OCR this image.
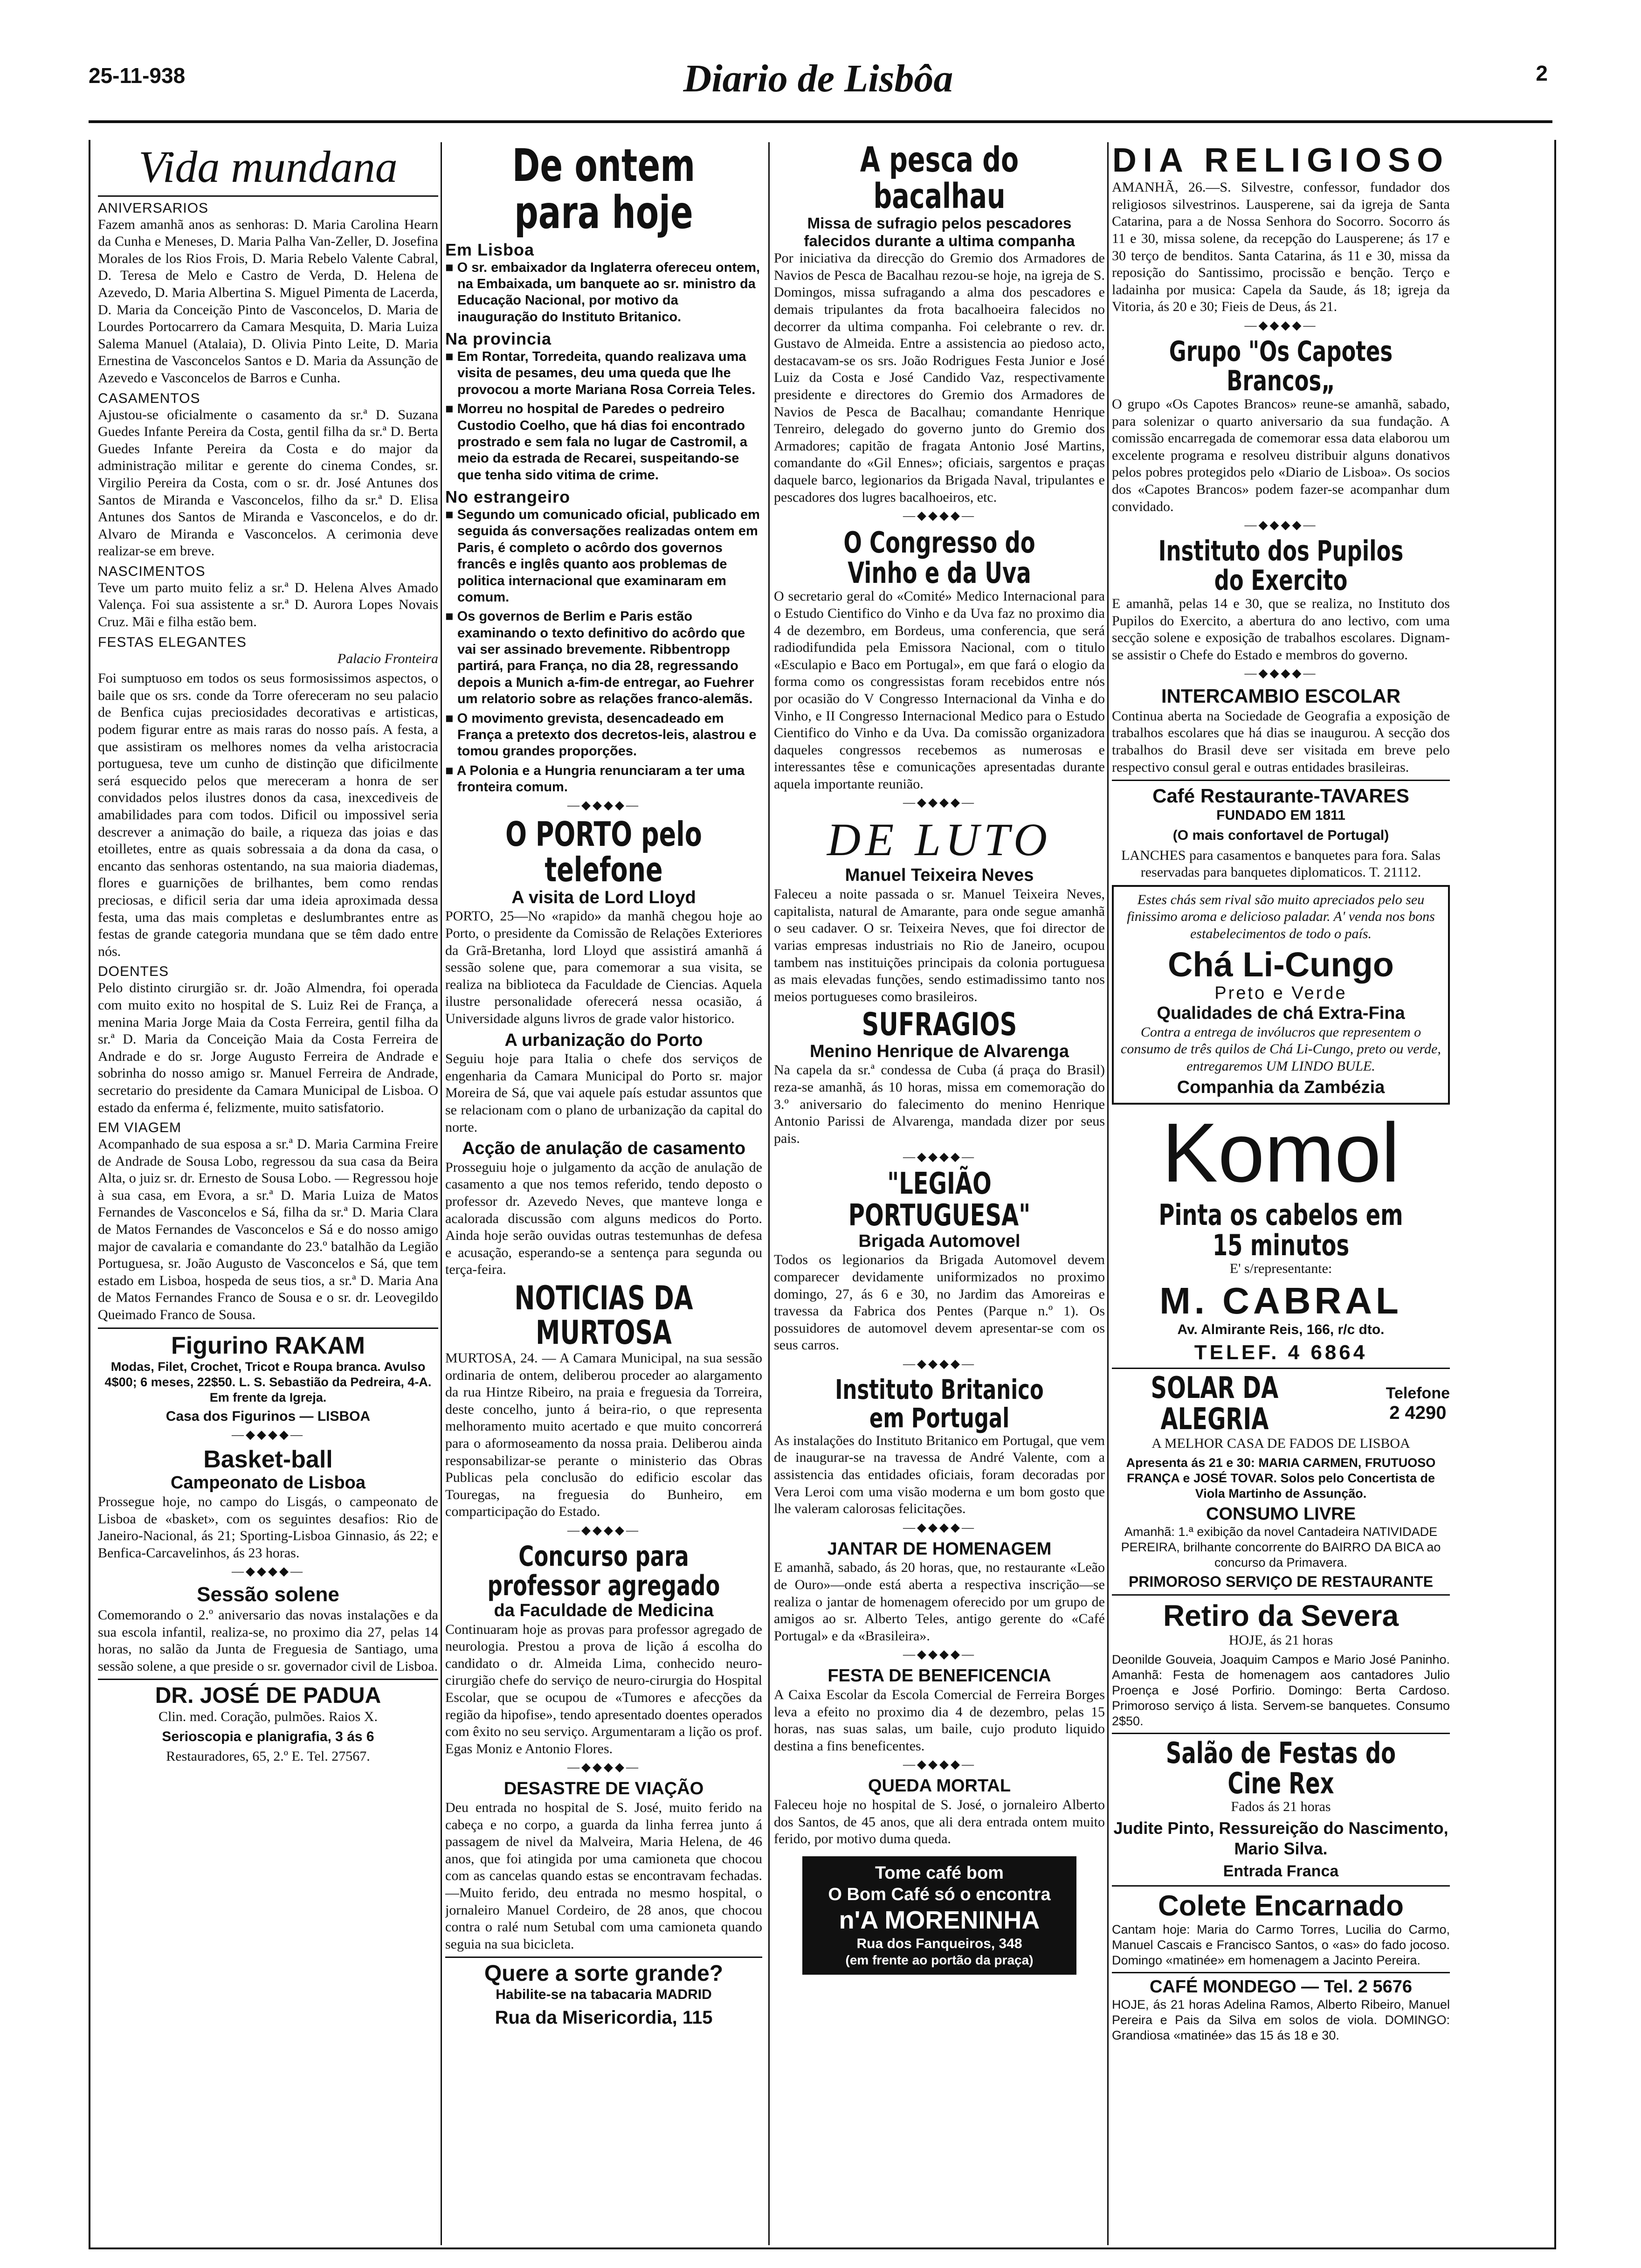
25-11-938	Diario de Lisbôa	2
Vida mundana
ANIVERSARIOS

Fazem amanhã anos as senhoras: D. Maria Carolina Hearn da Cunha e Meneses, D. Maria Palha Van-Zeller, D. Josefina Morales de los Rios Frois, D. Maria Rebelo Valente Cabral, D. Teresa de Melo e Castro de Verda, D. Helena de Azevedo, D. Maria Albertina S. Miguel Pimenta de Lacerda, D. Maria da Conceição Pinto de Vasconcelos, D. Maria de Lourdes Portocarrero da Camara Mesquita, D. Maria Luiza Salema Manuel (Atalaia), D. Olivia Pinto Leite, D. Maria Ernestina de Vasconcelos Santos e D. Maria da Assunção de Azevedo e Vasconcelos de Barros e Cunha.

CASAMENTOS

Ajustou-se oficialmente o casamento da sr.ª D. Suzana Guedes Infante Pereira da Costa, gentil filha da sr.ª D. Berta Guedes Infante Pereira da Costa e do major da administração militar e gerente do cinema Condes, sr. Virgilio Pereira da Costa, com o sr. dr. José Antunes dos Santos de Miranda e Vasconcelos, filho da sr.ª D. Elisa Antunes dos Santos de Miranda e Vasconcelos, e do dr. Alvaro de Miranda e Vasconcelos. A cerimonia deve realizar-se em breve.

NASCIMENTOS

Teve um parto muito feliz a sr.ª D. Helena Alves Amado Valença. Foi sua assistente a sr.ª D. Aurora Lopes Novais Cruz. Mãi e filha estão bem.

FESTAS ELEGANTES

Palacio Fronteira

Foi sumptuoso em todos os seus formosissimos aspectos, o baile que os srs. conde da Torre ofereceram no seu palacio de Benfica cujas preciosidades decorativas e artisticas, podem figurar entre as mais raras do nosso país. A festa, a que assistiram os melhores nomes da velha aristocracia portuguesa, teve um cunho de distinção que dificilmente será esquecido pelos que mereceram a honra de ser convidados pelos ilustres donos da casa, inexcediveis de amabilidades para com todos. Dificil ou impossivel seria descrever a animação do baile, a riqueza das joias e das etoilletes, entre as quais sobressaia a da dona da casa, o encanto das senhoras ostentando, na sua maioria diademas, flores e guarnições de brilhantes, bem como rendas preciosas, e dificil seria dar uma ideia aproximada dessa festa, uma das mais completas e deslumbrantes entre as festas de grande categoria mundana que se têm dado entre nós.

DOENTES

Pelo distinto cirurgião sr. dr. João Almendra, foi operada com muito exito no hospital de S. Luiz Rei de França, a menina Maria Jorge Maia da Costa Ferreira, gentil filha da sr.ª D. Maria da Conceição Maia da Costa Ferreira de Andrade e do sr. Jorge Augusto Ferreira de Andrade e sobrinha do nosso amigo sr. Manuel Ferreira de Andrade, secretario do presidente da Camara Municipal de Lisboa. O estado da enferma é, felizmente, muito satisfatorio.

EM VIAGEM

Acompanhado de sua esposa a sr.ª D. Maria Carmina Freire de Andrade de Sousa Lobo, regressou da sua casa da Beira Alta, o juiz sr. dr. Ernesto de Sousa Lobo. — Regressou hoje à sua casa, em Evora, a sr.ª D. Maria Luiza de Matos Fernandes de Vasconcelos e Sá, filha da sr.ª D. Maria Clara de Matos Fernandes de Vasconcelos e Sá e do nosso amigo major de cavalaria e comandante do 23.º batalhão da Legião Portuguesa, sr. João Augusto de Vasconcelos e Sá, que tem estado em Lisboa, hospeda de seus tios, a sr.ª D. Maria Ana de Matos Fernandes Franco de Sousa e o sr. dr. Leovegildo Queimado Franco de Sousa.

Figurino RAKAM

Modas, Filet, Crochet, Tricot e Roupa branca. Avulso 4$00; 6 meses, 22$50. L. S. Sebastião da Pedreira, 4-A. Em frente da Igreja.

Casa dos Figurinos — LISBOA

—◆◆◆◆—
Basket-ball
Campeonato de Lisboa

Prossegue hoje, no campo do Lisgás, o campeonato de Lisboa de «basket», com os seguintes desafios: Rio de Janeiro-Nacional, ás 21; Sporting-Lisboa Ginnasio, ás 22; e Benfica-Carcavelinhos, ás 23 horas.

—◆◆◆◆—
Sessão solene

Comemorando o 2.º aniversario das novas instalações e da sua escola infantil, realiza-se, no proximo dia 27, pelas 14 horas, no salão da Junta de Freguesia de Santiago, uma sessão solene, a que preside o sr. governador civil de Lisboa.

DR. JOSÉ DE PADUA

Clin. med. Coração, pulmões. Raios X.

Serioscopia e planigrafia, 3 ás 6

Restauradores, 65, 2.º E. Tel. 27567.

De ontem para hoje
Em Lisboa
■ O sr. embaixador da Inglaterra ofereceu ontem, na Embaixada, um banquete ao sr. ministro da Educação Nacional, por motivo da inauguração do Instituto Britanico.
Na provincia
■ Em Rontar, Torredeita, quando realizava uma visita de pesames, deu uma queda que lhe provocou a morte Mariana Rosa Correia Teles.
■ Morreu no hospital de Paredes o pedreiro Custodio Coelho, que há dias foi encontrado prostrado e sem fala no lugar de Castromil, a meio da estrada de Recarei, suspeitando-se que tenha sido vitima de crime.
No estrangeiro
■ Segundo um comunicado oficial, publicado em seguida ás conversações realizadas ontem em Paris, é completo o acôrdo dos governos francês e inglês quanto aos problemas de politica internacional que examinaram em comum.
■ Os governos de Berlim e Paris estão examinando o texto definitivo do acôrdo que vai ser assinado brevemente. Ribbentropp partirá, para França, no dia 28, regressando depois a Munich a-fim-de entregar, ao Fuehrer um relatorio sobre as relações franco-alemãs.
■ O movimento grevista, desencadeado em França a pretexto dos decretos-leis, alastrou e tomou grandes proporções.
■ A Polonia e a Hungria renunciaram a ter uma fronteira comum.
—◆◆◆◆—
O PORTO pelo telefone
A visita de Lord Lloyd

PORTO, 25—No «rapido» da manhã chegou hoje ao Porto, o presidente da Comissão de Relações Exteriores da Grã-Bretanha, lord Lloyd que assistirá amanhã á sessão solene que, para comemorar a sua visita, se realiza na biblioteca da Faculdade de Ciencias. Aquela ilustre personalidade oferecerá nessa ocasião, á Universidade alguns livros de grade valor historico.

A urbanização do Porto

Seguiu hoje para Italia o chefe dos serviços de engenharia da Camara Municipal do Porto sr. major Moreira de Sá, que vai aquele país estudar assuntos que se relacionam com o plano de urbanização da capital do norte.

Acção de anulação de casamento

Prosseguiu hoje o julgamento da acção de anulação de casamento a que nos temos referido, tendo deposto o professor dr. Azevedo Neves, que manteve longa e acalorada discussão com alguns medicos do Porto. Ainda hoje serão ouvidas outras testemunhas de defesa e acusação, esperando-se a sentença para segunda ou terça-feira.

NOTICIAS DA MURTOSA

MURTOSA, 24. — A Camara Municipal, na sua sessão ordinaria de ontem, deliberou proceder ao alargamento da rua Hintze Ribeiro, na praia e freguesia da Torreira, deste concelho, junto á beira-rio, o que representa melhoramento muito acertado e que muito concorrerá para o aformoseamento da nossa praia. Deliberou ainda responsabilizar-se perante o ministerio das Obras Publicas pela conclusão do edificio escolar das Touregas, na freguesia do Bunheiro, em comparticipação do Estado.

—◆◆◆◆—
Concurso para professor agregado
da Faculdade de Medicina

Continuaram hoje as provas para professor agregado de neurologia. Prestou a prova de lição á escolha do candidato o dr. Almeida Lima, conhecido neuro-cirurgião chefe do serviço de neuro-cirurgia do Hospital Escolar, que se ocupou de «Tumores e afecções da região da hipofise», tendo apresentado doentes operados com êxito no seu serviço. Argumentaram a lição os prof. Egas Moniz e Antonio Flores.

—◆◆◆◆—
DESASTRE DE VIAÇÃO

Deu entrada no hospital de S. José, muito ferido na cabeça e no corpo, a guarda da linha ferrea junto á passagem de nivel da Malveira, Maria Helena, de 46 anos, que foi atingida por uma camioneta que chocou com as cancelas quando estas se encontravam fechadas. —Muito ferido, deu entrada no mesmo hospital, o jornaleiro Manuel Cordeiro, de 28 anos, que chocou contra o ralé num Setubal com uma camioneta quando seguia na sua bicicleta.

Quere a sorte grande?

Habilite-se na tabacaria MADRID

Rua da Misericordia, 115

A pesca do bacalhau
Missa de sufragio pelos pescadores falecidos durante a ultima companha

Por iniciativa da direcção do Gremio dos Armadores de Navios de Pesca de Bacalhau rezou-se hoje, na igreja de S. Domingos, missa sufragando a alma dos pescadores e demais tripulantes da frota bacalhoeira falecidos no decorrer da ultima companha. Foi celebrante o rev. dr. Gustavo de Almeida. Entre a assistencia ao piedoso acto, destacavam-se os srs. João Rodrigues Festa Junior e José Luiz da Costa e José Candido Vaz, respectivamente presidente e directores do Gremio dos Armadores de Navios de Pesca de Bacalhau; comandante Henrique Tenreiro, delegado do governo junto do Gremio dos Armadores; capitão de fragata Antonio José Martins, comandante do «Gil Ennes»; oficiais, sargentos e praças daquele barco, legionarios da Brigada Naval, tripulantes e pescadores dos lugres bacalhoeiros, etc.

—◆◆◆◆—
O Congresso do Vinho e da Uva

O secretario geral do «Comité» Medico Internacional para o Estudo Cientifico do Vinho e da Uva faz no proximo dia 4 de dezembro, em Bordeus, uma conferencia, que será radiodifundida pela Emissora Nacional, com o titulo «Esculapio e Baco em Portugal», em que fará o elogio da forma como os congressistas foram recebidos entre nós por ocasião do V Congresso Internacional da Vinha e do Vinho, e II Congresso Internacional Medico para o Estudo Cientifico do Vinho e da Uva. Da comissão organizadora daqueles congressos recebemos as numerosas e interessantes têse e comunicações apresentadas durante aquela importante reunião.

—◆◆◆◆—
DE LUTO
Manuel Teixeira Neves

Faleceu a noite passada o sr. Manuel Teixeira Neves, capitalista, natural de Amarante, para onde segue amanhã o seu cadaver. O sr. Teixeira Neves, que foi director de varias empresas industriais no Rio de Janeiro, ocupou tambem nas instituições principais da colonia portuguesa as mais elevadas funções, sendo estimadissimo tanto nos meios portugueses como brasileiros.

SUFRAGIOS
Menino Henrique de Alvarenga

Na capela da sr.ª condessa de Cuba (á praça do Brasil) reza-se amanhã, ás 10 horas, missa em comemoração do 3.º aniversario do falecimento do menino Henrique Antonio Parissi de Alvarenga, mandada dizer por seus pais.

—◆◆◆◆—
"LEGIÃO PORTUGUESA"
Brigada Automovel

Todos os legionarios da Brigada Automovel devem comparecer devidamente uniformizados no proximo domingo, 27, ás 6 e 30, no Jardim das Amoreiras e travessa da Fabrica dos Pentes (Parque n.º 1). Os possuidores de automovel devem apresentar-se com os seus carros.

—◆◆◆◆—
Instituto Britanico em Portugal

As instalações do Instituto Britanico em Portugal, que vem de inaugurar-se na travessa de André Valente, com a assistencia das entidades oficiais, foram decoradas por Vera Leroi com uma visão moderna e um bom gosto que lhe valeram calorosas felicitações.

—◆◆◆◆—
JANTAR DE HOMENAGEM

E amanhã, sabado, ás 20 horas, que, no restaurante «Leão de Ouro»—onde está aberta a respectiva inscrição—se realiza o jantar de homenagem oferecido por um grupo de amigos ao sr. Alberto Teles, antigo gerente do «Café Portugal» e da «Brasileira».

—◆◆◆◆—
FESTA DE BENEFICENCIA

A Caixa Escolar da Escola Comercial de Ferreira Borges leva a efeito no proximo dia 4 de dezembro, pelas 15 horas, nas suas salas, um baile, cujo produto liquido destina a fins beneficentes.

—◆◆◆◆—
QUEDA MORTAL

Faleceu hoje no hospital de S. José, o jornaleiro Alberto dos Santos, de 45 anos, que ali dera entrada ontem muito ferido, por motivo duma queda.

Tome café bom
O Bom Café só o encontra
n'A MORENINHA
Rua dos Fanqueiros, 348
(em frente ao portão da praça)
DIA RELIGIOSO

AMANHÃ, 26.—S. Silvestre, confessor, fundador dos religiosos silvestrinos. Lausperene, sai da igreja de Santa Catarina, para a de Nossa Senhora do Socorro. Socorro ás 11 e 30, missa solene, da recepção do Lausperene; ás 17 e 30 terço de benditos. Santa Catarina, ás 11 e 30, missa da reposição do Santissimo, procissão e benção. Terço e ladainha por musica: Capela da Saude, ás 18; igreja da Vitoria, ás 20 e 30; Fieis de Deus, ás 21.

—◆◆◆◆—
Grupo "Os Capotes Brancos„

O grupo «Os Capotes Brancos» reune-se amanhã, sabado, para solenizar o quarto aniversario da sua fundação. A comissão encarregada de comemorar essa data elaborou um excelente programa e resolveu distribuir alguns donativos pelos pobres protegidos pelo «Diario de Lisboa». Os socios dos «Capotes Brancos» podem fazer-se acompanhar dum convidado.

—◆◆◆◆—
Instituto dos Pupilos do Exercito

E amanhã, pelas 14 e 30, que se realiza, no Instituto dos Pupilos do Exercito, a abertura do ano lectivo, com uma secção solene e exposição de trabalhos escolares. Dignam-se assistir o Chefe do Estado e membros do governo.

—◆◆◆◆—
INTERCAMBIO ESCOLAR

Continua aberta na Sociedade de Geografia a exposição de trabalhos escolares que há dias se inaugurou. A secção dos trabalhos do Brasil deve ser visitada em breve pelo respectivo consul geral e outras entidades brasileiras.

Café Restaurante-TAVARES

FUNDADO EM 1811

(O mais confortavel de Portugal)

LANCHES para casamentos e banquetes para fora. Salas reservadas para banquetes diplomaticos. T. 21112.

Estes chás sem rival são muito apreciados pelo seu finissimo aroma e delicioso paladar. A' venda nos bons estabelecimentos de todo o país.

Chá Li-Cungo
Preto e Verde
Qualidades de chá Extra-Fina

Contra a entrega de invólucros que representem o consumo de três quilos de Chá Li-Cungo, preto ou verde, entregaremos UM LINDO BULE.

Companhia da Zambézia
Komol
Pinta os cabelos em 15 minutos

E' s/representante:

M. CABRAL

Av. Almirante Reis, 166, r/c dto.

TELEF. 4 6864
SOLAR DA ALEGRIA
Telefone
2 4290

A MELHOR CASA DE FADOS DE LISBOA

Apresenta ás 21 e 30: MARIA CARMEN, FRUTUOSO FRANÇA e JOSÉ TOVAR. Solos pelo Concertista de Viola Martinho de Assunção.

CONSUMO LIVRE

Amanhã: 1.ª exibição da novel Cantadeira NATIVIDADE PEREIRA, brilhante concorrente do BAIRRO DA BICA ao concurso da Primavera.

PRIMOROSO SERVIÇO DE RESTAURANTE
Retiro da Severa

HOJE, ás 21 horas

Deonilde Gouveia, Joaquim Campos e Mario José Paninho. Amanhã: Festa de homenagem aos cantadores Julio Proença e José Porfirio. Domingo: Berta Cardoso. Primoroso serviço á lista. Servem-se banquetes. Consumo 2$50.

Salão de Festas do Cine Rex

Fados ás 21 horas

Judite Pinto, Ressureição do Nascimento, Mario Silva.

Entrada Franca

Colete Encarnado

Cantam hoje: Maria do Carmo Torres, Lucilia do Carmo, Manuel Cascais e Francisco Santos, o «as» do fado jocoso. Domingo «matinée» em homenagem a Jacinto Pereira.

CAFÉ MONDEGO — Tel. 2 5676

HOJE, ás 21 horas Adelina Ramos, Alberto Ribeiro, Manuel Pereira e Pais da Silva em solos de viola. DOMINGO: Grandiosa «matinée» das 15 ás 18 e 30.
